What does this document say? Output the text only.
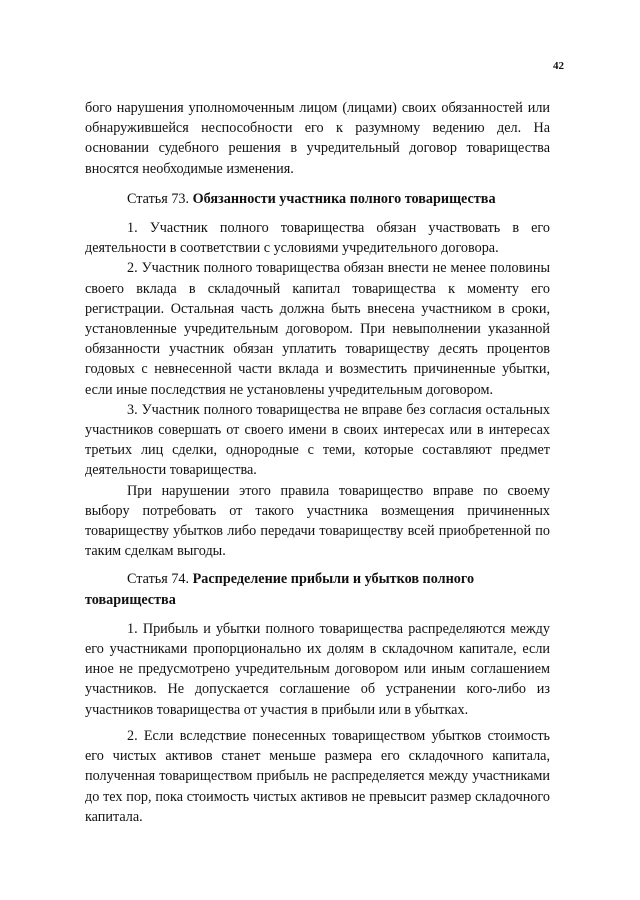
42

бого нарушения уполномоченным лицом (лицами) своих обязанностей или обнаружившейся неспособности его к разумному ведению дел. На основании судебного решения в учредительный договор товарищества вносятся необходимые изменения.

Статья 73. Обязанности участника полного товарищества

1. Участник полного товарищества обязан участвовать в его деятельности в соответствии с условиями учредительного договора.

2. Участник полного товарищества обязан внести не менее половины своего вклада в складочный капитал товарищества к моменту его регистрации. Остальная часть должна быть внесена участником в сроки, установленные учредительным договором. При невыполнении указанной обязанности участник обязан уплатить товариществу десять процентов годовых с невнесенной части вклада и возместить причиненные убытки, если иные последствия не установлены учредительным договором.

3. Участник полного товарищества не вправе без согласия остальных участников совершать от своего имени в своих интересах или в интересах третьих лиц сделки, однородные с теми, которые составляют предмет деятельности товарищества.

При нарушении этого правила товарищество вправе по своему выбору потребовать от такого участника возмещения причиненных товариществу убытков либо передачи товариществу всей приобретенной по таким сделкам выгоды.

Статья 74. Распределение прибыли и убытков полного товарищества

1. Прибыль и убытки полного товарищества распределяются между его участниками пропорционально их долям в складочном капитале, если иное не предусмотрено учредительным договором или иным соглашением участников. Не допускается соглашение об устранении кого-либо из участников товарищества от участия в прибыли или в убытках.

2. Если вследствие понесенных товариществом убытков стоимость его чистых активов станет меньше размера его складочного капитала, полученная товариществом прибыль не распределяется между участниками до тех пор, пока стоимость чистых активов не превысит размер складочного капитала.
